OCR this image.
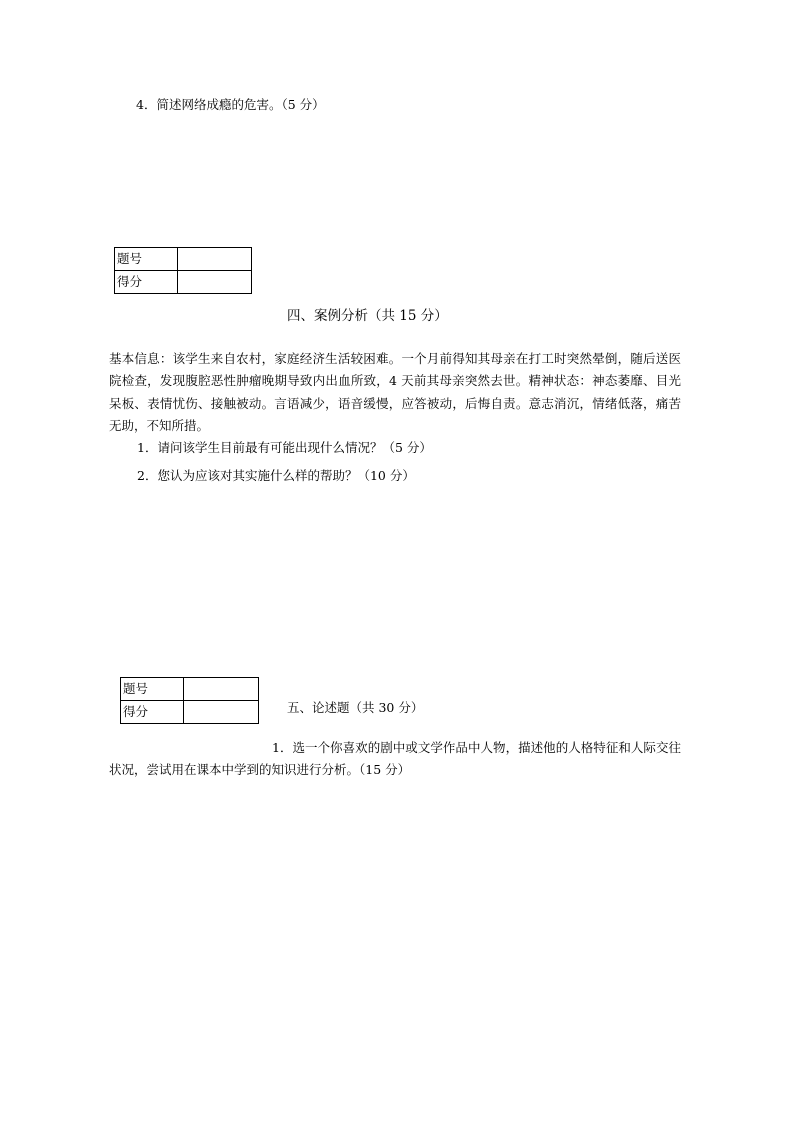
4．简述网络成瘾的危害。（5 分）
题号	
得分	
四、案例分析（共 15 分）
基本信息：该学生来自农村，家庭经济生活较困难。一个月前得知其母亲在打工时突然晕倒，随后送医院检查，发现腹腔恶性肿瘤晚期导致内出血所致，4 天前其母亲突然去世。精神状态：神态萎靡、目光呆板、表情忧伤、接触被动。言语减少，语音缓慢，应答被动，后悔自责。意志消沉，情绪低落，痛苦无助，不知所措。
1．请问该学生目前最有可能出现什么情况？（5 分）
2．您认为应该对其实施什么样的帮助？（10 分）
题号	
得分		五、论述题（共 30 分）
1．选一个你喜欢的剧中或文学作品中人物，描述他的人格特征和人际交往状况，尝试用在课本中学到的知识进行分析。（15 分）
